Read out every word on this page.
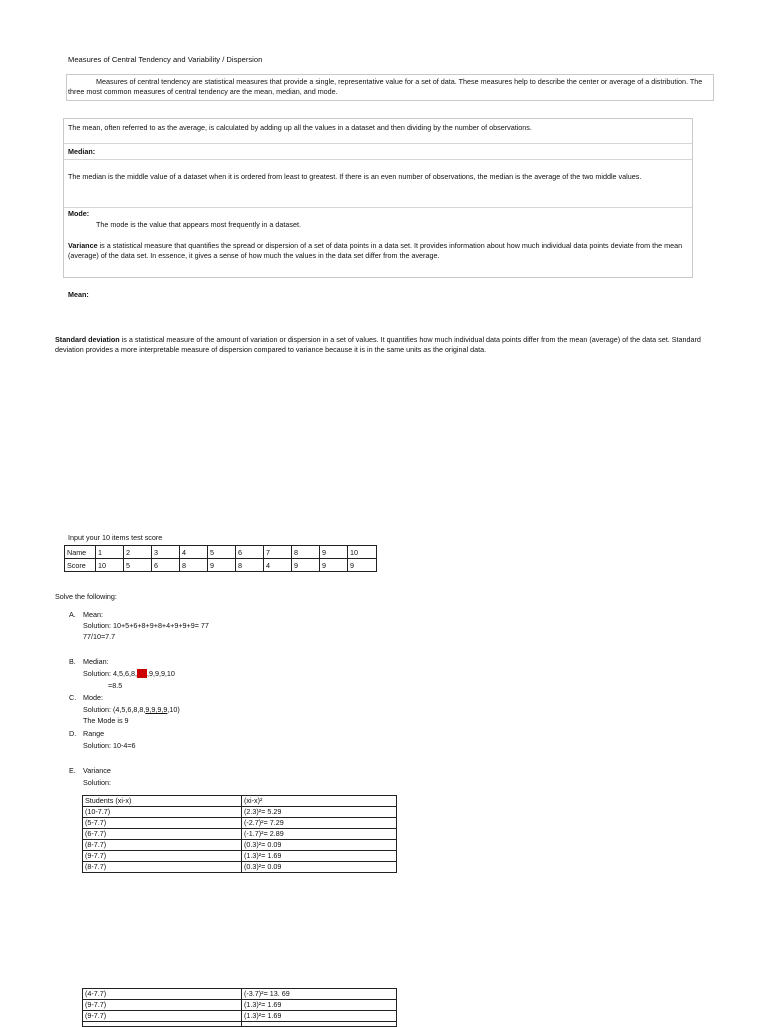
Measures of Central Tendency and Variability / Dispersion
Measures of central tendency are statistical measures that provide a single, representative value for a set of data. These measures help to describe the center or average of a distribution. The three most common measures of central tendency are the mean, median, and mode.
The mean, often referred to as the average, is calculated by adding up all the values in a dataset and then dividing by the number of observations.
Median:
The median is the middle value of a dataset when it is ordered from least to greatest. If there is an even number of observations, the median is the average of the two middle values.
Mode:
The mode is the value that appears most frequently in a dataset.
Variance is a statistical measure that quantifies the spread or dispersion of a set of data points in a data set. It provides information about how much individual data points deviate from the mean (average) of the data set. In essence, it gives a sense of how much the values in the data set differ from the average.
Mean:
Standard deviation is a statistical measure of the amount of variation or dispersion in a set of values. It quantifies how much individual data points differ from the mean (average) of the data set. Standard deviation provides a more interpretable measure of dispersion compared to variance because it is in the same units as the original data.
Input your 10 items test score
Name	1	2	3	4	5	6	7	8	9	10
Score	10	5	6	8	9	8	4	9	9	9
Solve the following:
A. Mean:
Solution: 10+5+6+8+9+8+4+9+9+9= 77
77/10=7.7
B. Median:
Solution: 4,5,6,8,8,9,9,9,9,10
=8.5
C. Mode:
Solution: (4,5,6,8,8,9,9,9,9,10)
The Mode is 9
D. Range
Solution: 10-4=6
E. Variance
Solution:
Students (xi-x)	(xi-x)²
(10-7.7)	(2.3)²= 5.29
(5-7.7)	(-2.7)²= 7.29
(6-7.7)	(-1.7)²= 2.89
(8-7.7)	(0.3)²= 0.09
(9-7.7)	(1.3)²= 1.69
(8-7.7)	(0.3)²= 0.09
(4-7.7)	(-3.7)²= 13. 69
(9-7.7)	(1.3)²= 1.69
(9-7.7)	(1.3)²= 1.69
